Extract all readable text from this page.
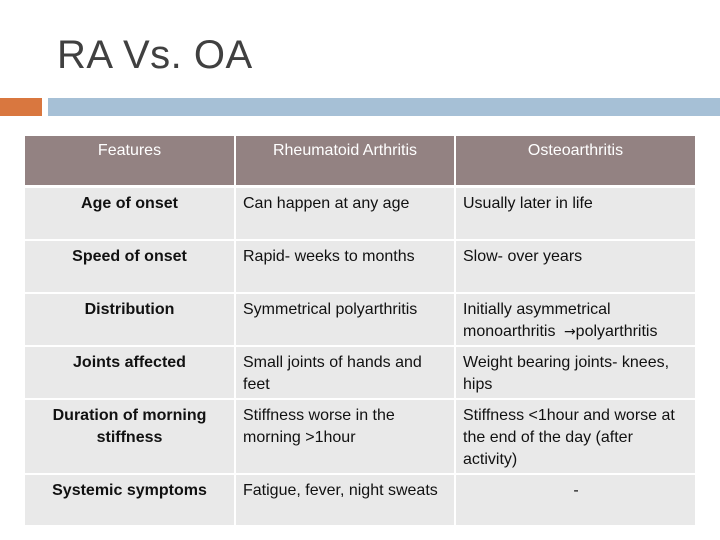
RA Vs. OA
Features	Rheumatoid Arthritis	Osteoarthritis
Age of onset	Can happen at any age	Usually later in life
Speed of onset	Rapid- weeks to months	Slow- over years
Distribution	Symmetrical polyarthritis	Initially asymmetrical monoarthritis →polyarthritis
Joints affected	Small joints of hands and feet	Weight bearing joints- knees, hips
Duration of morning stiffness	Stiffness worse in the morning >1hour	Stiffness <1hour and worse at the end of the day (after activity)
Systemic symptoms	Fatigue, fever, night sweats	-
